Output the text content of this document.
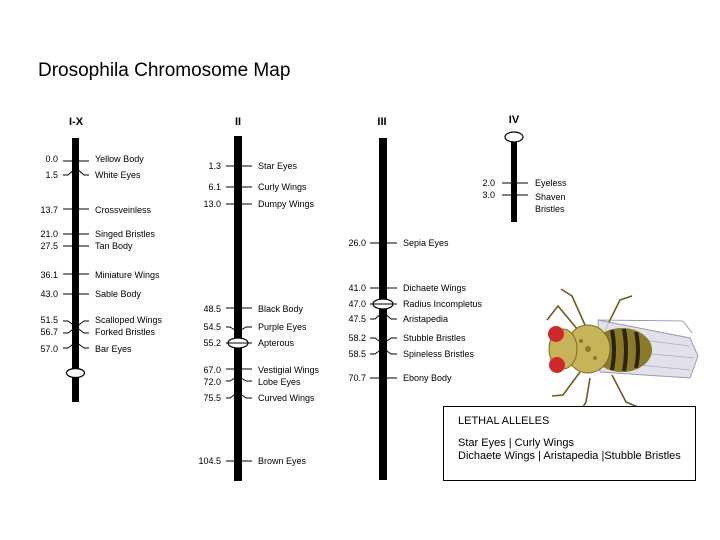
Drosophila Chromosome Map
I-X
0.0
1.5
13.7
21.0
27.5
36.1
43.0
51.5
56.7
57.0
Yellow Body
White Eyes
Crossveinless
Singed Bristles
Tan Body
Miniature Wings
Sable Body
Scalloped Wings
Forked Bristles
Bar Eyes
II
1.3
6.1
13.0
48.5
54.5
55.2
67.0
72.0
75.5
104.5
Star Eyes
Curly Wings
Dumpy Wings
Black Body
Purple Eyes
Apterous
Vestigial Wings
Lobe Eyes
Curved Wings
Brown Eyes
III
26.0
41.0
47.0
47.5
58.2
58.5
70.7
Sepia Eyes
Dichaete Wings
Radius Incompletus
Aristapedia
Stubble Bristles
Spineless Bristles
Ebony Body
IV
2.0
3.0
Eyeless
Shaven
Bristles
LETHAL ALLELES
Star Eyes | Curly Wings
Dichaete Wings | Aristapedia |Stubble Bristles
